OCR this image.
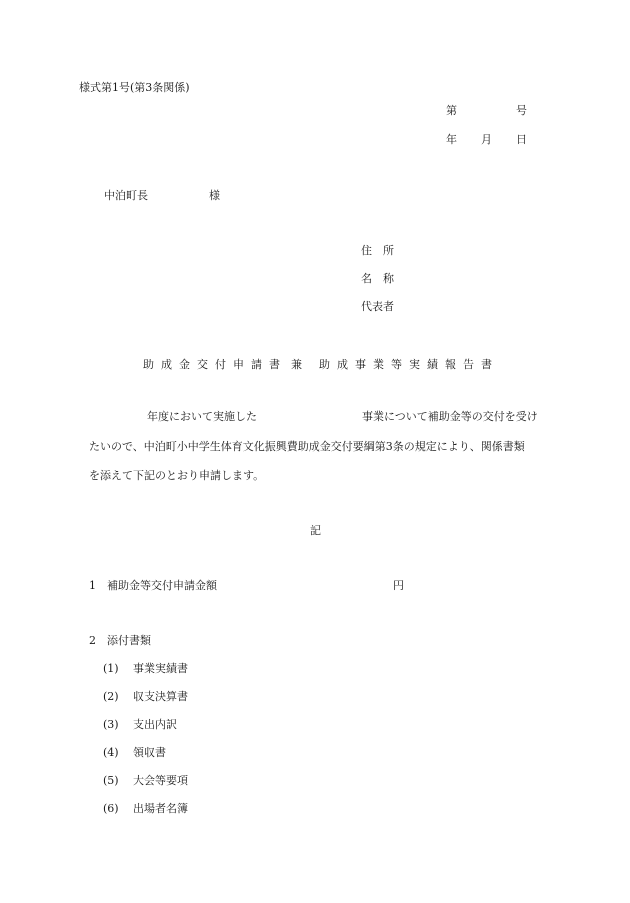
様式第1号(第3条関係)
第	号
年 月 日
中泊町長	様
住　所
名　称
代表者
助成金交付申請書 兼 助成事業等実績報告書
年度において実施した	事業について補助金等の交付を受け
たいので、中泊町小中学生体育文化振興費助成金交付要綱第3条の規定により、関係書類
を添えて下記のとおり申請します。
記
1 補助金等交付申請金額	円
2 添付書類
(1) 事業実績書
(2) 収支決算書
(3) 支出内訳
(4) 領収書
(5) 大会等要項
(6) 出場者名簿
